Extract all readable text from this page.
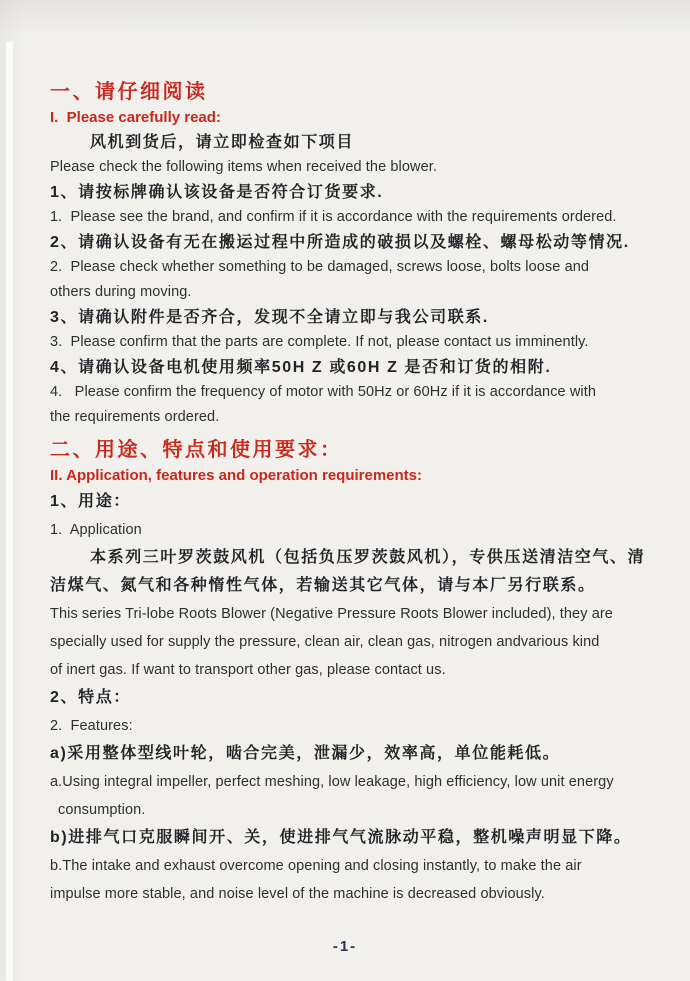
一、请仔细阅读
I.  Please carefully read:
风机到货后，请立即检查如下项目
Please check the following items when received the blower.
1、请按标牌确认该设备是否符合订货要求.
1.  Please see the brand, and confirm if it is accordance with the requirements ordered.
2、请确认设备有无在搬运过程中所造成的破损以及螺栓、螺母松动等情况.
2.  Please check whether something to be damaged, screws loose, bolts loose and
others during moving.
3、请确认附件是否齐合，发现不全请立即与我公司联系.
3.  Please confirm that the parts are complete. If not, please contact us imminently.
4、请确认设备电机使用频率50H Z 或60H Z 是否和订货的相附.
4.   Please confirm the frequency of motor with 50Hz or 60Hz if it is accordance with
the requirements ordered.
二、用途、特点和使用要求：
II. Application, features and operation requirements:
1、用途：
1.  Application
本系列三叶罗茨鼓风机（包括负压罗茨鼓风机），专供压送清洁空气、清
洁煤气、氮气和各种惰性气体，若输送其它气体，请与本厂另行联系。
This series Tri-lobe Roots Blower (Negative Pressure Roots Blower included), they are
specially used for supply the pressure, clean air, clean gas, nitrogen andvarious kind
of inert gas. If want to transport other gas, please contact us.
2、特点：
2.  Features:
a)采用整体型线叶轮，啮合完美，泄漏少，效率高，单位能耗低。
a.Using integral impeller, perfect meshing, low leakage, high efficiency, low unit energy
consumption.
b)进排气口克服瞬间开、关，使进排气气流脉动平稳，整机噪声明显下降。
b.The intake and exhaust overcome opening and closing instantly, to make the air
impulse more stable, and noise level of the machine is decreased obviously.
-1-
